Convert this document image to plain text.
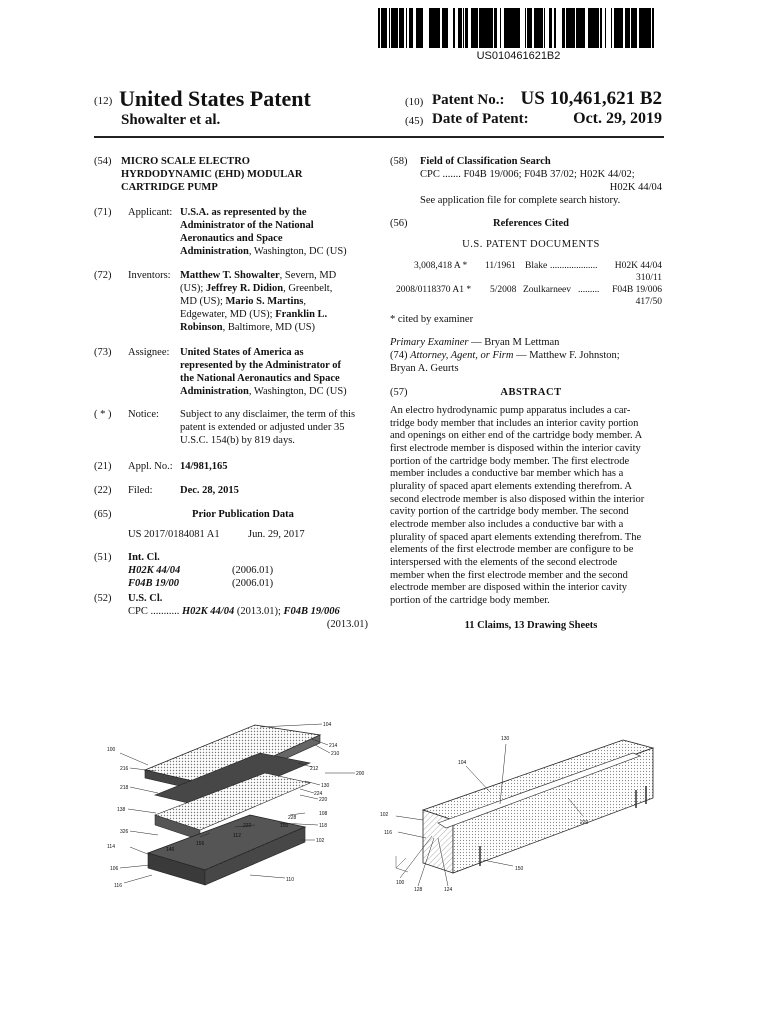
US010461621B2
(12) United States Patent
Showalter et al.
(10) Patent No.: US 10,461,621 B2
(45) Date of Patent:	Oct. 29, 2019
(54) MICRO SCALE ELECTRO
HYRDODYNAMIC (EHD) MODULAR
CARTRIDGE PUMP
(71) Applicant: U.S.A. as represented by the
Administrator of the National
Aeronautics and Space
Administration, Washington, DC (US)
(72) Inventors: Matthew T. Showalter, Severn, MD
(US); Jeffrey R. Didion, Greenbelt,
MD (US); Mario S. Martins,
Edgewater, MD (US); Franklin L.
Robinson, Baltimore, MD (US)
(73) Assignee: United States of America as
represented by the Administrator of
the National Aeronautics and Space
Administration, Washington, DC (US)
( * ) Notice: Subject to any disclaimer, the term of this
patent is extended or adjusted under 35
U.S.C. 154(b) by 819 days.
(21) Appl. No.: 14/981,165
(22) Filed:	Dec. 28, 2015
(65)	Prior Publication Data
US 2017/0184081 A1	Jun. 29, 2017
(51) Int. Cl.
H02K 44/04	(2006.01)
F04B 19/00	(2006.01)
(52) U.S. Cl.
CPC ........... H02K 44/04 (2013.01); F04B 19/006
(2013.01)
(58) Field of Classification Search
CPC ....... F04B 19/006; F04B 37/02; H02K 44/02;
H02K 44/04
See application file for complete search history.
(56)	References Cited
U.S. PATENT DOCUMENTS
3,008,418 A * 11/1961 Blake .................... H02K 44/04
310/11
2008/0118370 A1 * 5/2008 Zoulkarneev ......... F04B 19/006
417/50
* cited by examiner
Primary Examiner — Bryan M Lettman
(74) Attorney, Agent, or Firm — Matthew F. Johnston;
Bryan A. Geurts
(57)	ABSTRACT
An electro hydrodynamic pump apparatus includes a car-
tridge body member that includes an interior cavity portion
and openings on either end of the cartridge body member. A
first electrode member is disposed within the interior cavity
portion of the cartridge body member. The first electrode
member includes a conductive bar member which has a
plurality of spaced apart elements extending therefrom. A
second electrode member is also disposed within the interior
cavity portion of the cartridge body member. The second
electrode member also includes a conductive bar with a
plurality of spaced apart elements extending therefrom. The
elements of the first electrode member are configure to be
interspersed with the elements of the second electrode
member when the first electrode member and the second
electrode member are disposed within the interior cavity
portion of the cartridge body member.
11 Claims, 13 Drawing Sheets
104
100
214
210
216	212
200
218	130
224
220
138
228
108
222	150	118
326
112
156
146
102
114
106
110
116
130
104
102
220
116
150
100
128	124
